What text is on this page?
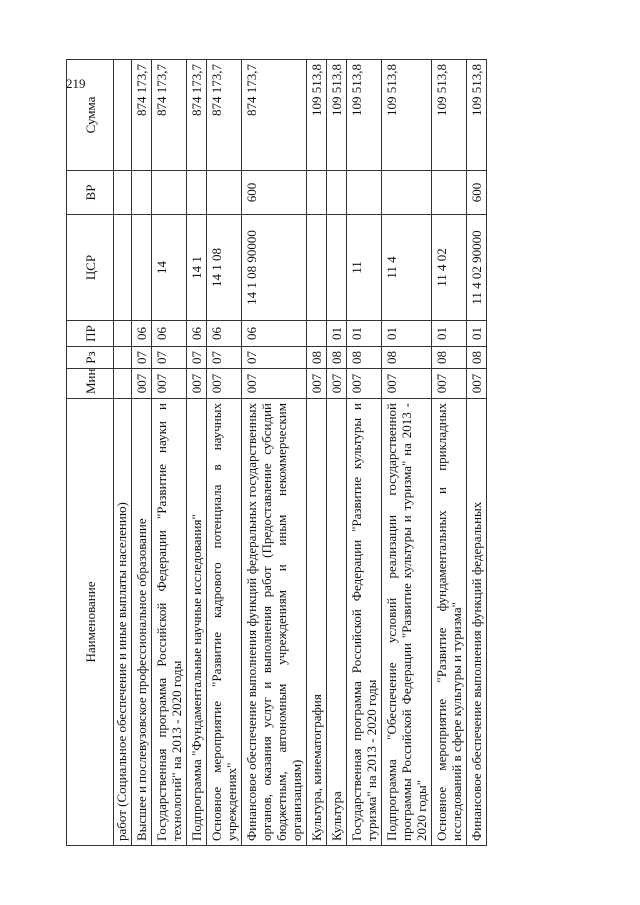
219
Наименование	Мин	Рз	ПР	ЦСР	ВР	Сумма
работ (Социальное обеспечение и иные выплаты населению)						
Высшее и послевузовское профессиональное образование	007	07	06			874 173,7
Государственная программа Российской Федерации "Развитие науки и технологий" на 2013 - 2020 годы	007	07	06	14		874 173,7
Подпрограмма "Фундаментальные научные исследования"	007	07	06	14 1		874 173,7
Основное мероприятие "Развитие кадрового потенциала в научных учреждениях"	007	07	06	14 1 08		874 173,7
Финансовое обеспечение выполнения функций федеральных государственных органов, оказания услуг и выполнения работ (Предоставление субсидий бюджетным, автономным учреждениям и иным некоммерческим организациям)	007	07	06	14 1 08 90000	600	874 173,7
Культура, кинематография	007	08				109 513,8
Культура	007	08	01			109 513,8
Государственная программа Российской Федерации "Развитие культуры и туризма" на 2013 - 2020 годы	007	08	01	11		109 513,8
Подпрограмма "Обеспечение условий реализации государственной программы Российской Федерации "Развитие культуры и туризма" на 2013 - 2020 годы"	007	08	01	11 4		109 513,8
Основное мероприятие "Развитие фундаментальных и прикладных исследований в сфере культуры и туризма"	007	08	01	11 4 02		109 513,8
Финансовое обеспечение выполнения функций федеральных	007	08	01	11 4 02 90000	600	109 513,8
